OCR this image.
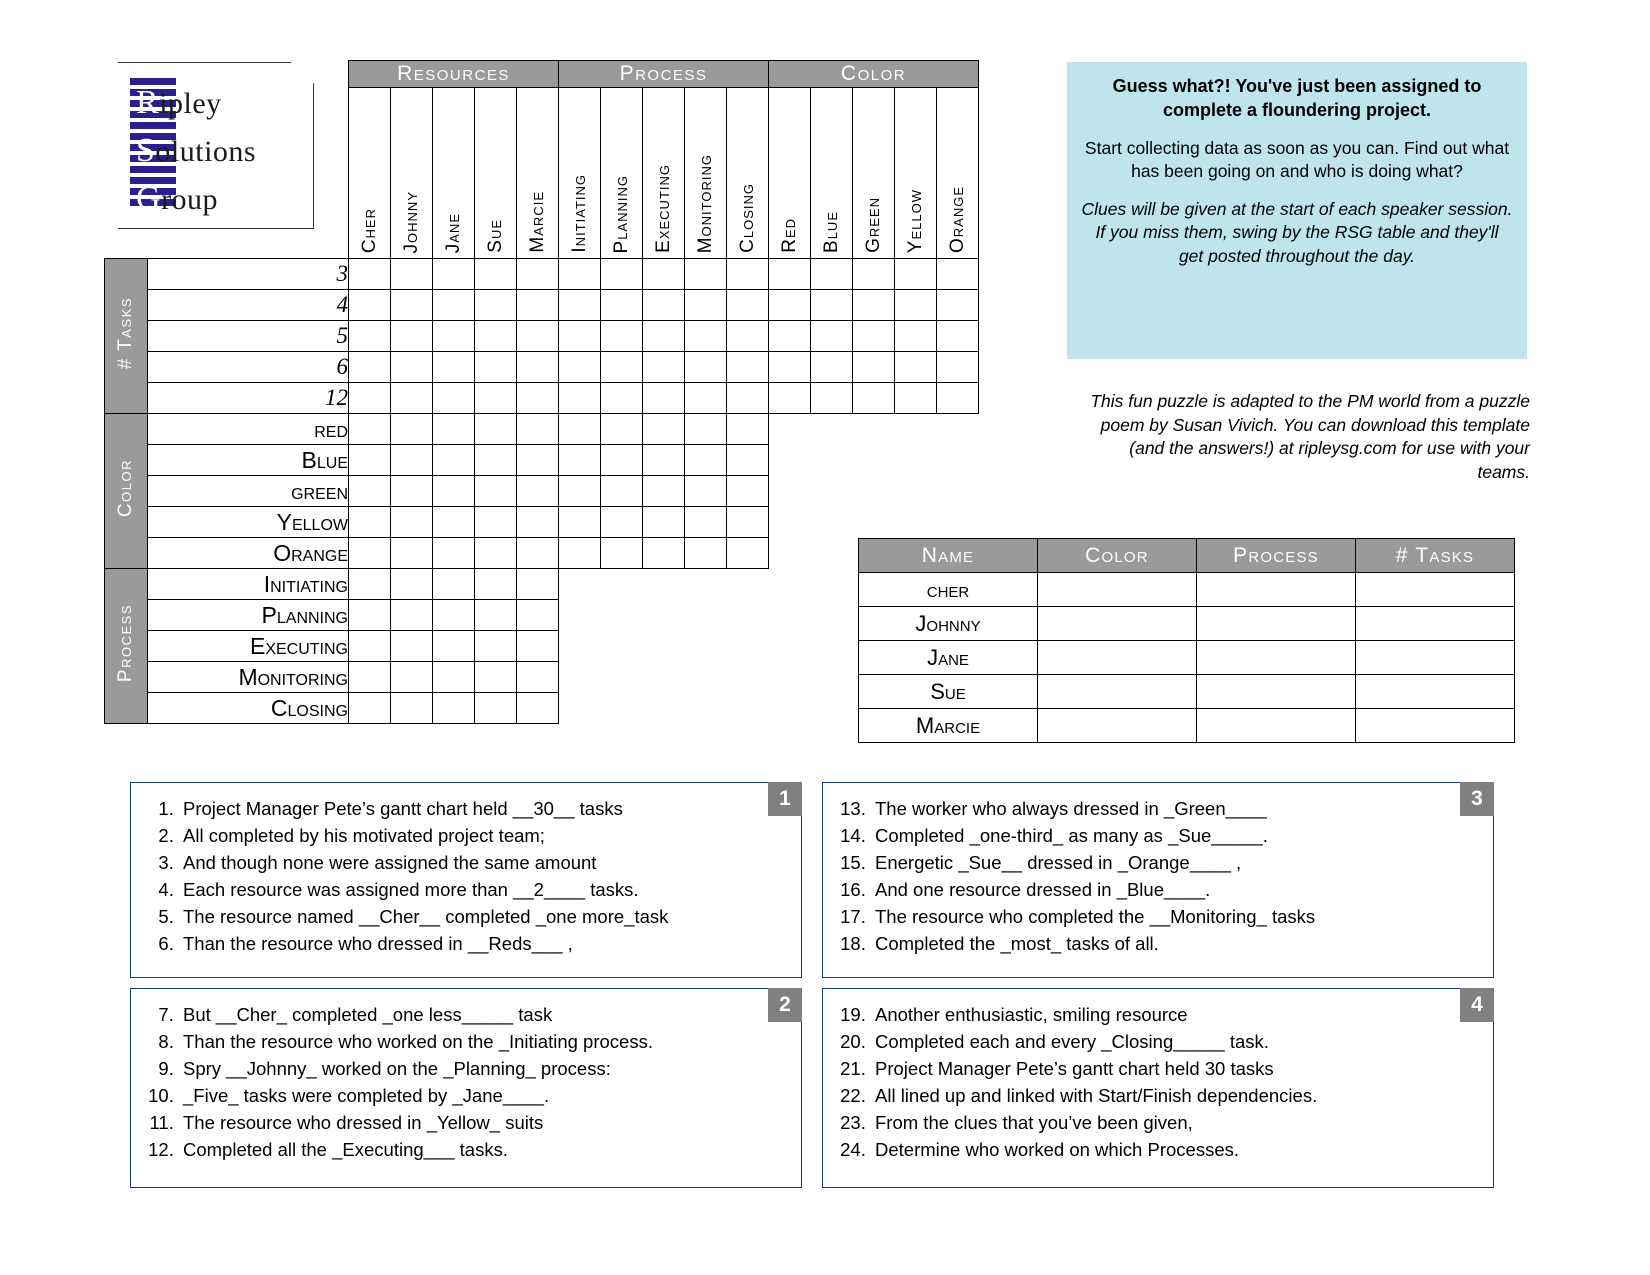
Ripley
Solutions
Group
		Resources					Process					Color				
		Cher	Johnny	Jane	Sue	Marcie	Initiating	Planning	Executing	Monitoring	Closing	Red	Blue	Green	Yellow	Orange
# Tasks	3															
	4															
	5															
	6															
	12															
Color	red															
	Blue															
	green															
	Yellow															
	Orange															
Process	Initiating															
	Planning															
	Executing															
	Monitoring															
	Closing															

Guess what?! You've just been assigned to complete a floundering project.

Start collecting data as soon as you can. Find out what has been going on and who is doing what?

Clues will be given at the start of each speaker session. If you miss them, swing by the RSG table and they'll get posted throughout the day.

This fun puzzle is adapted to the PM world from a puzzle poem by Susan Vivich. You can download this template (and the answers!) at ripleysg.com for use with your teams.
Name	Color	Process	# Tasks
cher			
Johnny			
Jane			
Sue			
Marcie			
1
1. Project Manager Pete’s gantt chart held __30__ tasks
2. All completed by his motivated project team;
3. And though none were assigned the same amount
4. Each resource was assigned more than __2____ tasks.
5. The resource named __Cher__ completed _one more_task
6. Than the resource who dressed in __Reds___ ,
2
7. But __Cher_ completed _one less_____ task
8. Than the resource who worked on the _Initiating process.
9. Spry __Johnny_ worked on the _Planning_ process:
10. _Five_ tasks were completed by _Jane____.
11. The resource who dressed in _Yellow_ suits
12. Completed all the _Executing___ tasks.
3
13. The worker who always dressed in _Green____
14. Completed _one-third_ as many as _Sue_____.
15. Energetic _Sue__ dressed in _Orange____ ,
16. And one resource dressed in _Blue____.
17. The resource who completed the __Monitoring_ tasks
18. Completed the _most_ tasks of all.
4
19. Another enthusiastic, smiling resource
20. Completed each and every _Closing_____ task.
21. Project Manager Pete’s gantt chart held 30 tasks
22. All lined up and linked with Start/Finish dependencies.
23. From the clues that you’ve been given,
24. Determine who worked on which Processes.
